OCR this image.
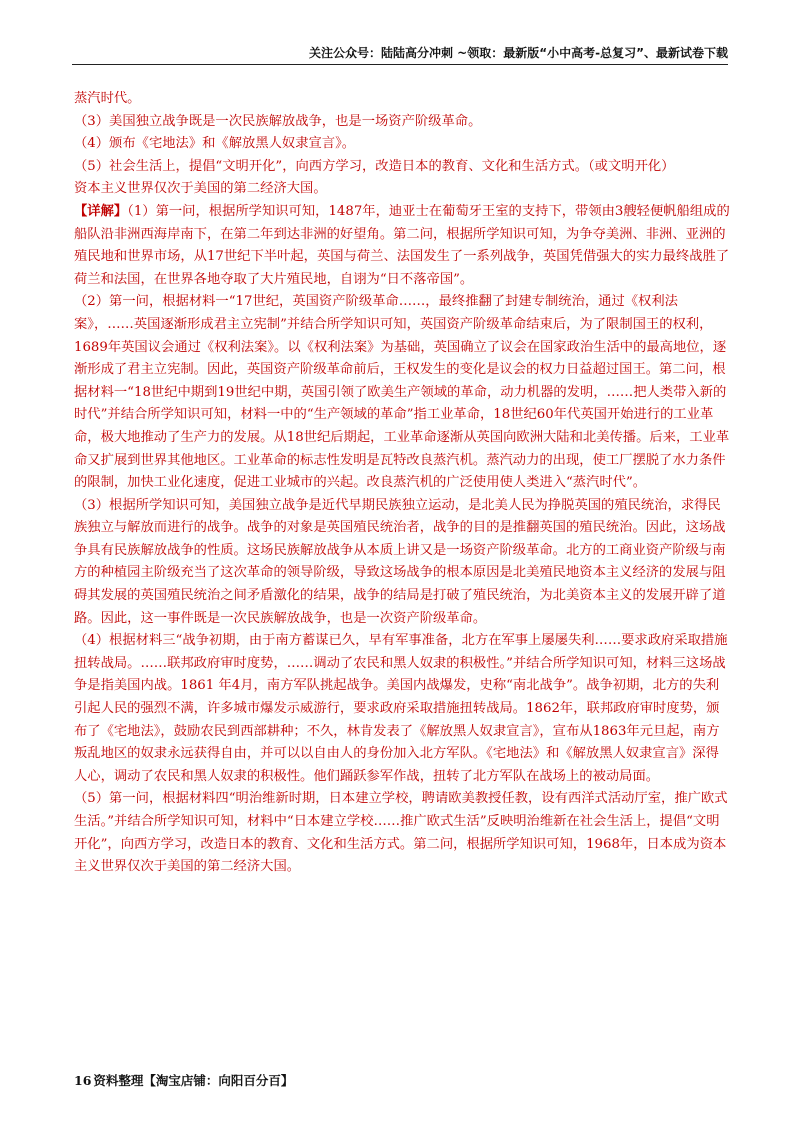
关注公众号：陆陆高分冲刺 ~领取：最新版“小中高考-总复习”、最新试卷下载

蒸汽时代。

（3）美国独立战争既是一次民族解放战争，也是一场资产阶级革命。

（4）颁布《宅地法》和《解放黑人奴隶宣言》。

（5）社会生活上，提倡“文明开化”，向西方学习，改造日本的教育、文化和生活方式。（或文明开化）

资本主义世界仅次于美国的第二经济大国。

【详解】（1）第一问，根据所学知识可知，1487年，迪亚士在葡萄牙王室的支持下，带领由3艘轻便帆船组成的船队沿非洲西海岸南下，在第二年到达非洲的好望角。第二问，根据所学知识可知，为争夺美洲、非洲、亚洲的殖民地和世界市场，从17世纪下半叶起，英国与荷兰、法国发生了一系列战争，英国凭借强大的实力最终战胜了荷兰和法国，在世界各地夺取了大片殖民地，自诩为“日不落帝国”。

（2）第一问，根据材料一“17世纪，英国资产阶级革命……，最终推翻了封建专制统治，通过《权利法案》，……英国逐渐形成君主立宪制”并结合所学知识可知，英国资产阶级革命结束后，为了限制国王的权利，1689年英国议会通过《权利法案》。以《权利法案》为基础，英国确立了议会在国家政治生活中的最高地位，逐渐形成了君主立宪制。因此，英国资产阶级革命前后，王权发生的变化是议会的权力日益超过国王。第二问，根据材料一“18世纪中期到19世纪中期，英国引领了欧美生产领域的革命，动力机器的发明，……把人类带入新的时代”并结合所学知识可知，材料一中的“生产领域的革命”指工业革命，18世纪60年代英国开始进行的工业革命，极大地推动了生产力的发展。从18世纪后期起，工业革命逐渐从英国向欧洲大陆和北美传播。后来，工业革命又扩展到世界其他地区。工业革命的标志性发明是瓦特改良蒸汽机。蒸汽动力的出现，使工厂摆脱了水力条件的限制，加快工业化速度，促进工业城市的兴起。改良蒸汽机的广泛使用使人类进入“蒸汽时代”。

（3）根据所学知识可知，美国独立战争是近代早期民族独立运动，是北美人民为挣脱英国的殖民统治，求得民族独立与解放而进行的战争。战争的对象是英国殖民统治者，战争的目的是推翻英国的殖民统治。因此，这场战争具有民族解放战争的性质。这场民族解放战争从本质上讲又是一场资产阶级革命。北方的工商业资产阶级与南方的种植园主阶级充当了这次革命的领导阶级，导致这场战争的根本原因是北美殖民地资本主义经济的发展与阻碍其发展的英国殖民统治之间矛盾激化的结果，战争的结局是打破了殖民统治，为北美资本主义的发展开辟了道路。因此，这一事件既是一次民族解放战争，也是一次资产阶级革命。

（4）根据材料三“战争初期，由于南方蓄谋已久，早有军事准备，北方在军事上屡屡失利……要求政府采取措施扭转战局。……联邦政府审时度势，……调动了农民和黑人奴隶的积极性。”并结合所学知识可知，材料三这场战争是指美国内战。1861 年4月，南方军队挑起战争。美国内战爆发，史称“南北战争”。战争初期，北方的失利引起人民的强烈不满，许多城市爆发示威游行，要求政府采取措施扭转战局。1862年，联邦政府审时度势，颁布了《宅地法》，鼓励农民到西部耕种；不久，林肯发表了《解放黑人奴隶宣言》，宣布从1863年元旦起，南方叛乱地区的奴隶永远获得自由，并可以以自由人的身份加入北方军队。《宅地法》和《解放黑人奴隶宣言》深得人心，调动了农民和黑人奴隶的积极性。他们踊跃参军作战，扭转了北方军队在战场上的被动局面。

（5）第一问，根据材料四“明治维新时期，日本建立学校，聘请欧美教授任教，设有西洋式活动厅室，推广欧式生活。”并结合所学知识可知，材料中“日本建立学校……推广欧式生活”反映明治维新在社会生活上，提倡“文明开化”，向西方学习，改造日本的教育、文化和生活方式。第二问，根据所学知识可知，1968年，日本成为资本主义世界仅次于美国的第二经济大国。

16 资料整理【淘宝店铺：向阳百分百】
